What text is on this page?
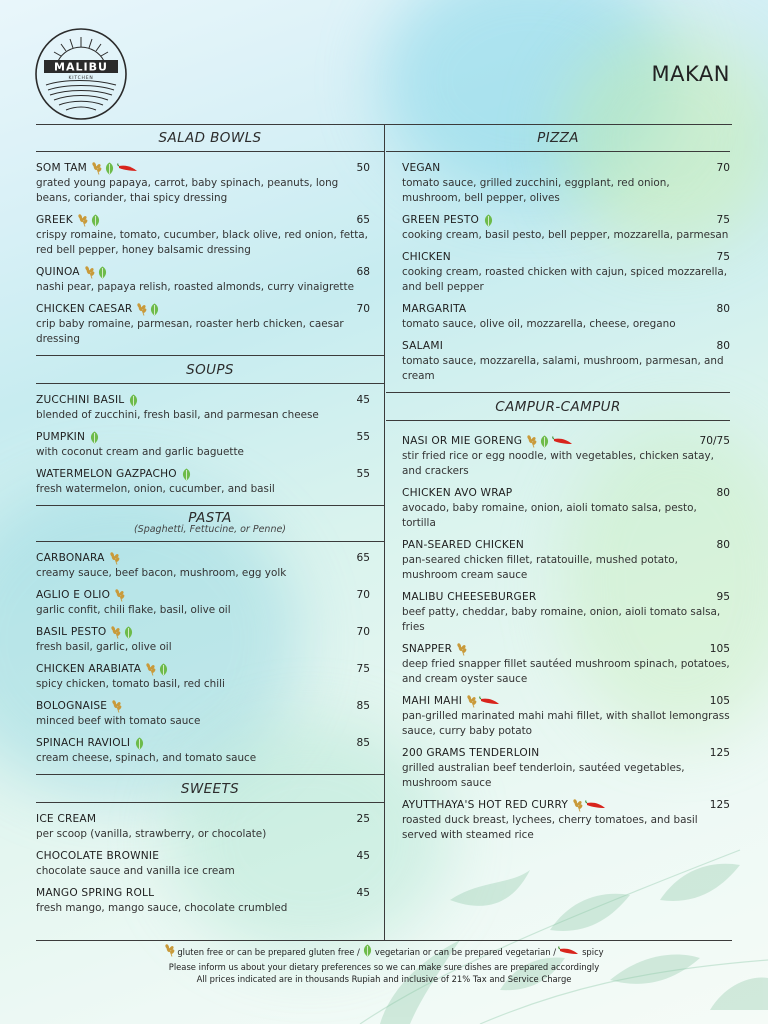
MALIBU
KITCHEN	MAKAN
SALAD BOWLS
SOM TAM	50
grated young papaya, carrot, baby spinach, peanuts, long beans, coriander, thai spicy dressing
GREEK	65
crispy romaine, tomato, cucumber, black olive, red onion, fetta, red bell pepper, honey balsamic dressing
QUINOA	68
nashi pear, papaya relish, roasted almonds, curry vinaigrette
CHICKEN CAESAR	70
crip baby romaine, parmesan, roaster herb chicken, caesar dressing
SOUPS
ZUCCHINI BASIL	45
blended of zucchini, fresh basil, and parmesan cheese
PUMPKIN	55
with coconut cream and garlic baguette
WATERMELON GAZPACHO	55
fresh watermelon, onion, cucumber, and basil
PASTA
(Spaghetti, Fettucine, or Penne)
CARBONARA	65
creamy sauce, beef bacon, mushroom, egg yolk
AGLIO E OLIO	70
garlic confit, chili flake, basil, olive oil
BASIL PESTO	70
fresh basil, garlic, olive oil
CHICKEN ARABIATA	75
spicy chicken, tomato basil, red chili
BOLOGNAISE	85
minced beef with tomato sauce
SPINACH RAVIOLI	85
cream cheese, spinach, and tomato sauce
SWEETS
ICE CREAM	25
per scoop (vanilla, strawberry, or chocolate)
CHOCOLATE BROWNIE	45
chocolate sauce and vanilla ice cream
MANGO SPRING ROLL	45
fresh mango, mango sauce, chocolate crumbled
PIZZA
VEGAN	70
tomato sauce, grilled zucchini, eggplant, red onion, mushroom, bell pepper, olives
GREEN PESTO	75
cooking cream, basil pesto, bell pepper, mozzarella, parmesan
CHICKEN	75
cooking cream, roasted chicken with cajun, spiced mozzarella, and bell pepper
MARGARITA	80
tomato sauce, olive oil, mozzarella, cheese, oregano
SALAMI	80
tomato sauce, mozzarella, salami, mushroom, parmesan, and cream
CAMPUR-CAMPUR
NASI OR MIE GORENG	70/75
stir fried rice or egg noodle, with vegetables, chicken satay, and crackers
CHICKEN AVO WRAP	80
avocado, baby romaine, onion, aioli tomato salsa, pesto, tortilla
PAN-SEARED CHICKEN	80
pan-seared chicken fillet, ratatouille, mushed potato, mushroom cream sauce
MALIBU CHEESEBURGER	95
beef patty, cheddar, baby romaine, onion, aioli tomato salsa, fries
SNAPPER	105
deep fried snapper fillet sautéed mushroom spinach, potatoes, and cream oyster sauce
MAHI MAHI	105
pan-grilled marinated mahi mahi fillet, with shallot lemongrass sauce, curry baby potato
200 GRAMS TENDERLOIN	125
grilled australian beef tenderloin, sautéed vegetables, mushroom sauce
AYUTTHAYA'S HOT RED CURRY	125
roasted duck breast, lychees, cherry tomatoes, and basil served with steamed rice
gluten free or can be prepared gluten free / vegetarian or can be prepared vegetarian /	spicy
Please inform us about your dietary preferences so we can make sure dishes are prepared accordingly
All prices indicated are in thousands Rupiah and inclusive of 21% Tax and Service Charge
